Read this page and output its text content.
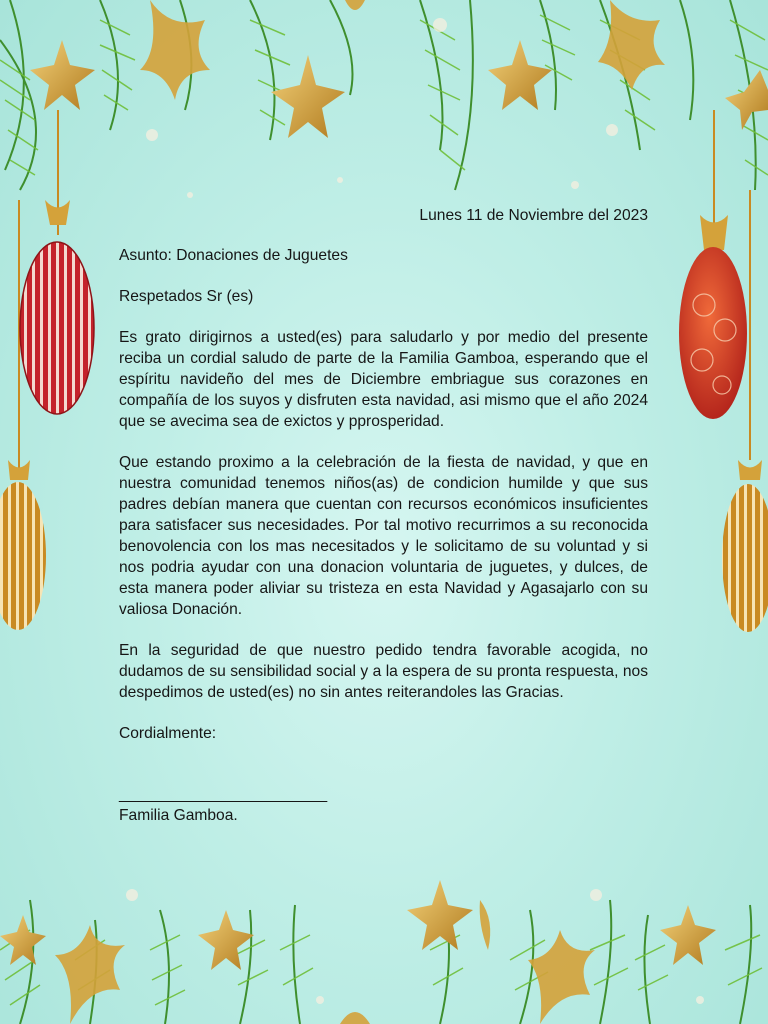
Lunes 11 de Noviembre del 2023

Asunto: Donaciones de Juguetes

Respetados Sr (es)

Es grato dirigirnos a usted(es) para saludarlo y por medio del presente reciba un cordial saludo de parte de la Familia Gamboa, esperando que el espíritu navideño del mes de Diciembre embriague sus corazones en compañía de los suyos y disfruten esta navidad, asi mismo que el año 2024 que se avecima sea de exictos y pprosperidad.

Que estando proximo a la celebración de la fiesta de navidad, y que en nuestra comunidad tenemos niños(as) de condicion humilde y que sus padres debían manera que cuentan con recursos económicos insuficientes para satisfacer sus necesidades. Por tal motivo recurrimos a su reconocida benovolencia con los mas necesitados y le solicitamo de su voluntad y si nos podria ayudar con una donacion voluntaria de juguetes, y dulces, de esta manera poder aliviar su tristeza en esta Navidad y Agasajarlo con su valiosa Donación.

En la seguridad de que nuestro pedido tendra favorable acogida, no dudamos de su sensibilidad social y a la espera de su pronta respuesta, nos despedimos de usted(es) no sin antes reiterandoles las Gracias.

Cordialmente:

________________________
Familia Gamboa.
